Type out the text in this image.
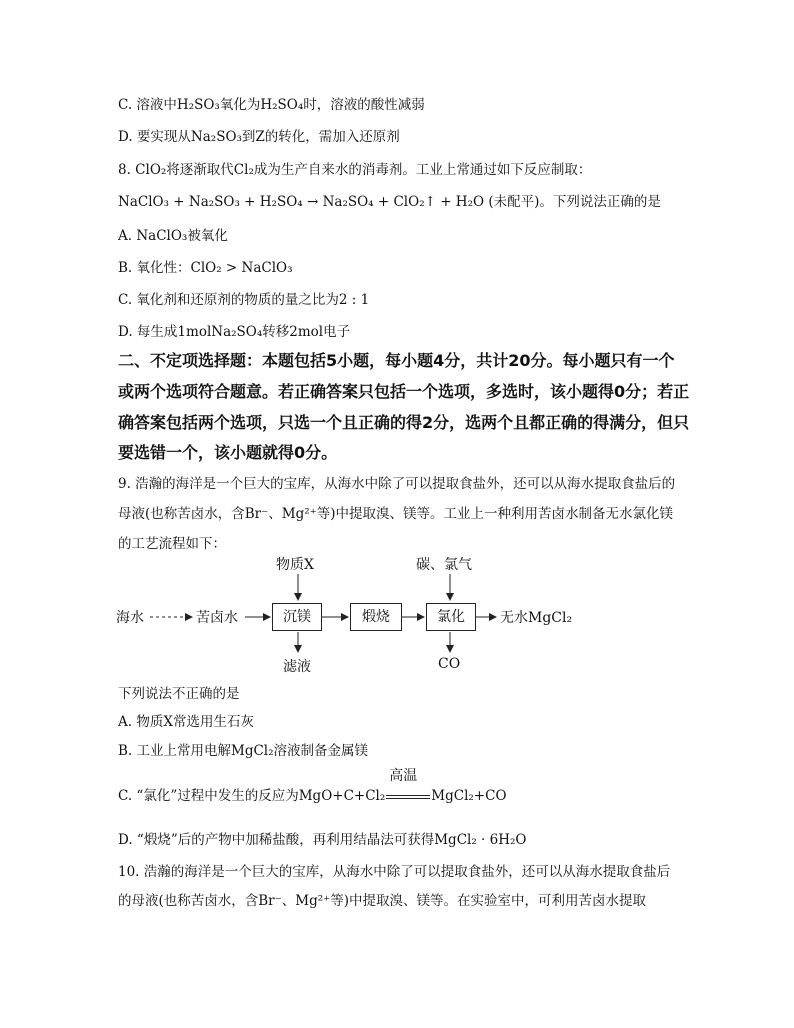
C. 溶液中H₂SO₃氧化为H₂SO₄时，溶液的酸性减弱
D. 要实现从Na₂SO₃到Z的转化，需加入还原剂
8. ClO₂将逐渐取代Cl₂成为生产自来水的消毒剂。工业上常通过如下反应制取：
NaClO₃ + Na₂SO₃ + H₂SO₄ → Na₂SO₄ + ClO₂↑ + H₂O (未配平)。下列说法正确的是
A. NaClO₃被氧化
B. 氧化性：ClO₂ > NaClO₃
C. 氧化剂和还原剂的物质的量之比为2 : 1
D. 每生成1molNa₂SO₄转移2mol电子
二、不定项选择题：本题包括5小题，每小题4分，共计20分。每小题只有一个
或两个选项符合题意。若正确答案只包括一个选项，多选时，该小题得0分；若正
确答案包括两个选项，只选一个且正确的得2分，选两个且都正确的得满分，但只
要选错一个，该小题就得0分。
9. 浩瀚的海洋是一个巨大的宝库，从海水中除了可以提取食盐外，还可以从海水提取食盐后的
母液(也称苦卤水，含Br⁻、Mg²⁺等)中提取溴、镁等。工业上一种利用苦卤水制备无水氯化镁
的工艺流程如下：
海水	苦卤水	沉镁	煅烧	氯化
物质X	碳、氯气
滤液	CO
无水MgCl₂
下列说法不正确的是
A. 物质X常选用生石灰
B. 工业上常用电解MgCl₂溶液制备金属镁
C. “氯化”过程中发生的反应为MgO+C+Cl₂
高温
MgCl₂+CO
D. “煅烧”后的产物中加稀盐酸，再利用结晶法可获得MgCl₂ · 6H₂O
10. 浩瀚的海洋是一个巨大的宝库，从海水中除了可以提取食盐外，还可以从海水提取食盐后
的母液(也称苦卤水，含Br⁻、Mg²⁺等)中提取溴、镁等。在实验室中，可利用苦卤水提取
